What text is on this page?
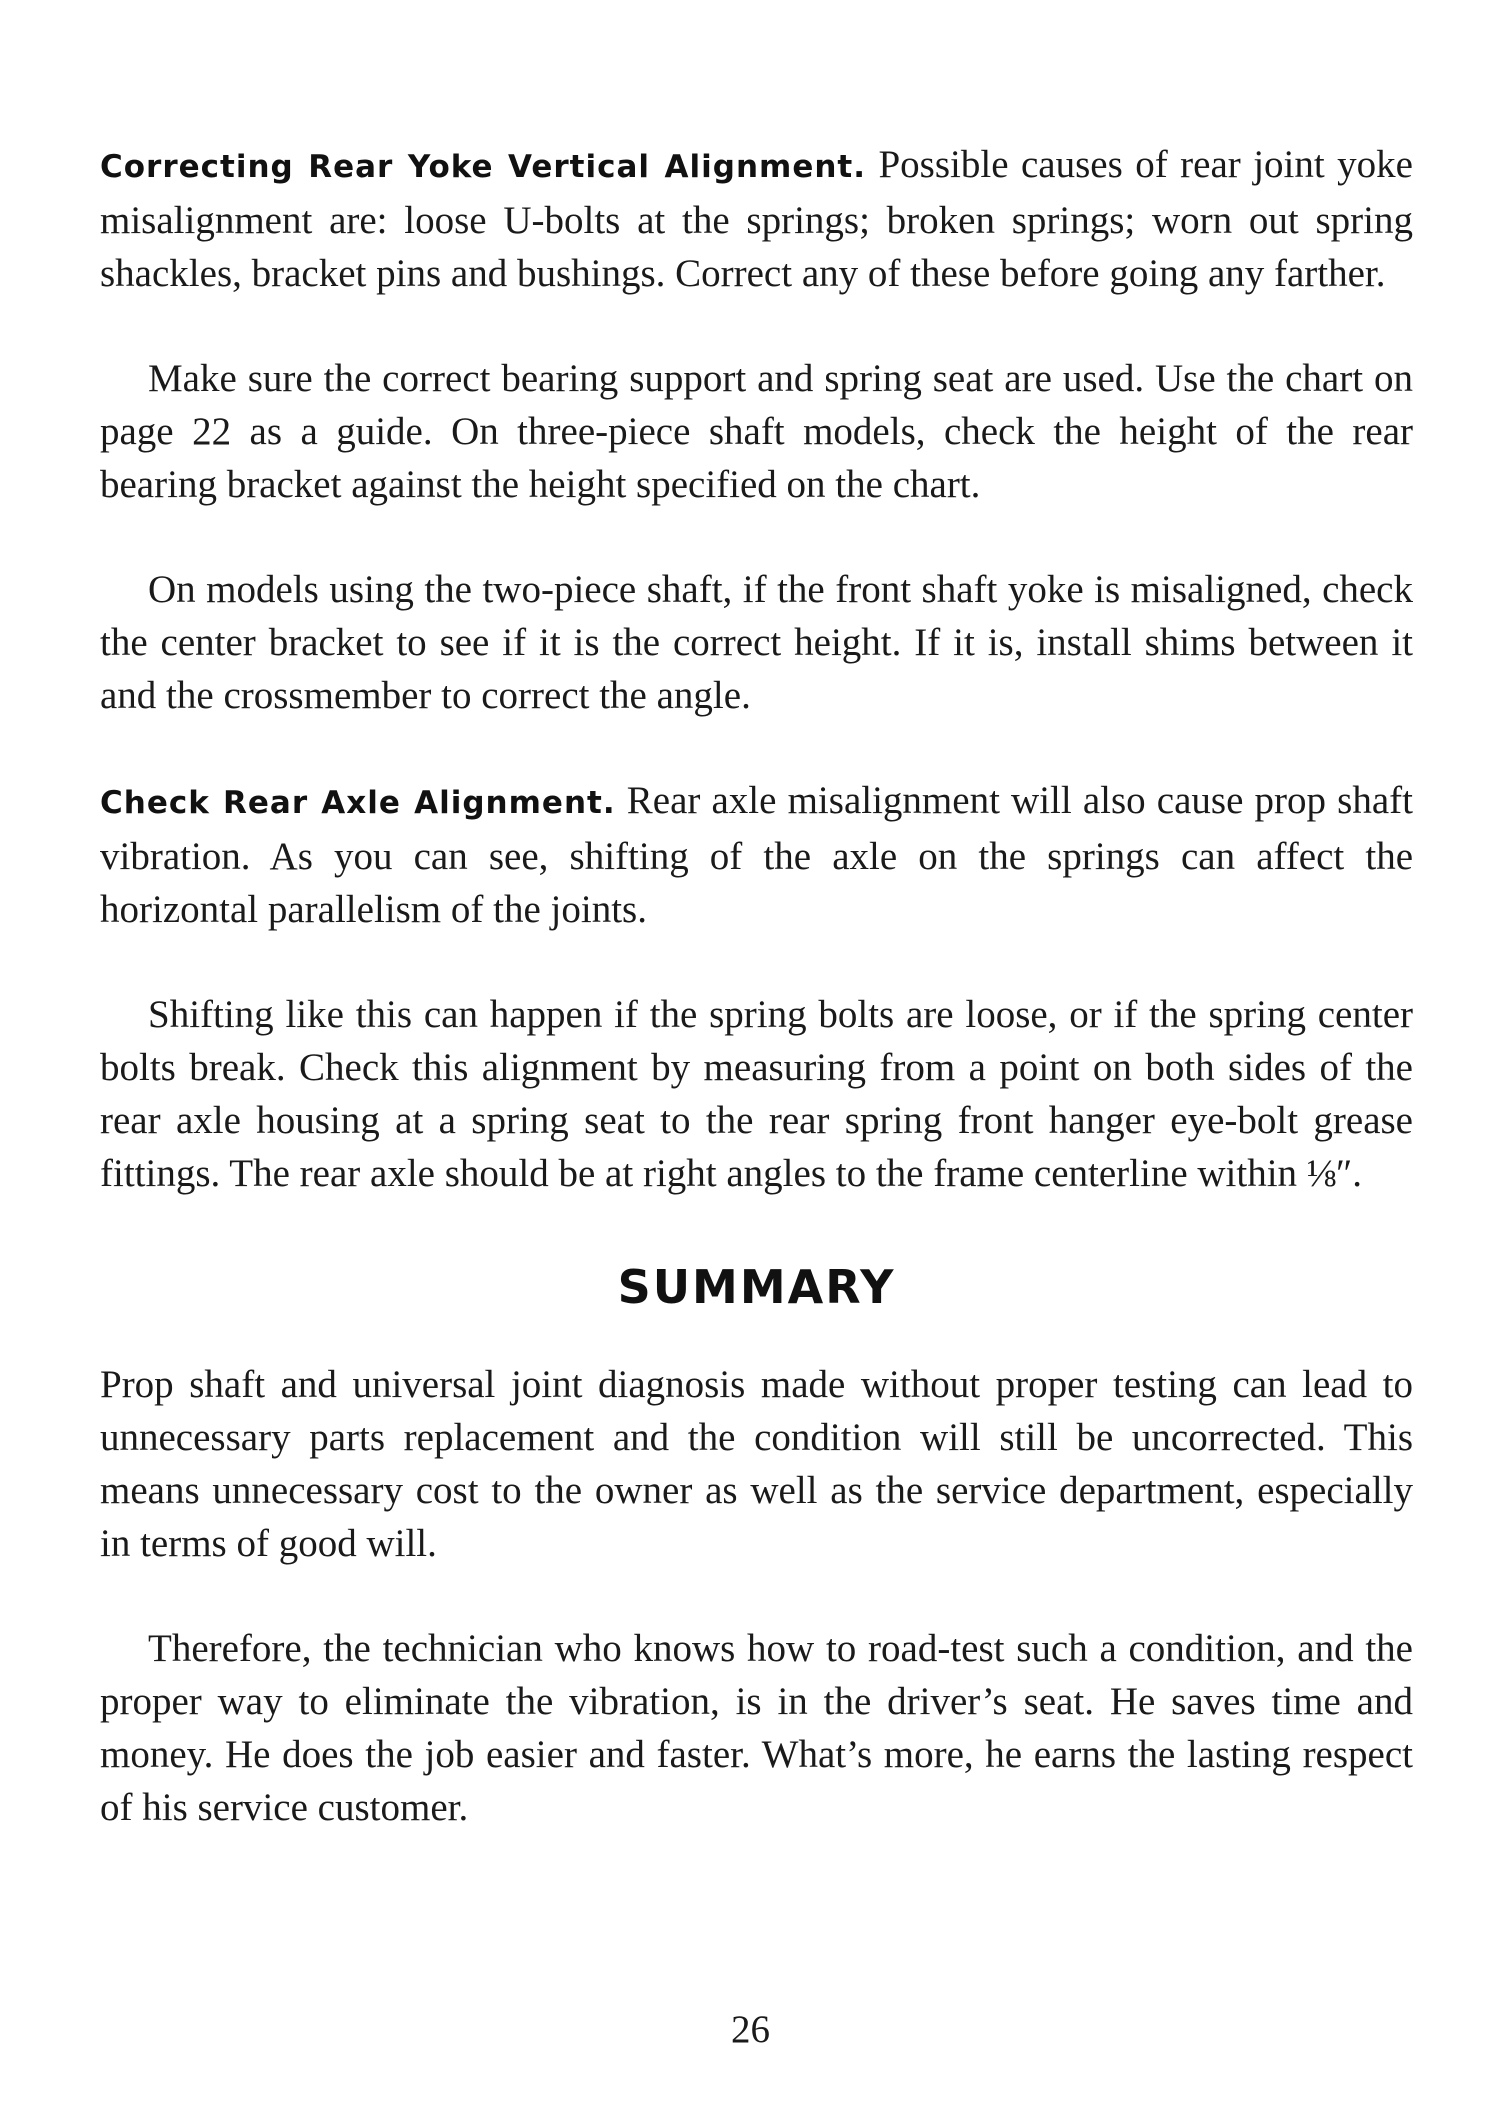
Correcting Rear Yoke Vertical Alignment. Possible causes of rear joint yoke misalignment are: loose U-bolts at the springs; broken springs; worn out spring shackles, bracket pins and bushings. Correct any of these before going any farther.

Make sure the correct bearing support and spring seat are used. Use the chart on page 22 as a guide. On three-piece shaft models, check the height of the rear bearing bracket against the height specified on the chart.

On models using the two-piece shaft, if the front shaft yoke is misaligned, check the center bracket to see if it is the correct height. If it is, install shims between it and the crossmember to correct the angle.

Check Rear Axle Alignment. Rear axle misalignment will also cause prop shaft vibration. As you can see, shifting of the axle on the springs can affect the horizontal parallelism of the joints.

Shifting like this can happen if the spring bolts are loose, or if the spring center bolts break. Check this alignment by measuring from a point on both sides of the rear axle housing at a spring seat to the rear spring front hanger eye-bolt grease fittings. The rear axle should be at right angles to the frame centerline within ⅛″.

SUMMARY

Prop shaft and universal joint diagnosis made without proper testing can lead to unnecessary parts replacement and the condition will still be uncorrected. This means unnecessary cost to the owner as well as the service department, especially in terms of good will.

Therefore, the technician who knows how to road-test such a condition, and the proper way to eliminate the vibration, is in the driver’s seat. He saves time and money. He does the job easier and faster. What’s more, he earns the lasting respect of his service customer.

26
